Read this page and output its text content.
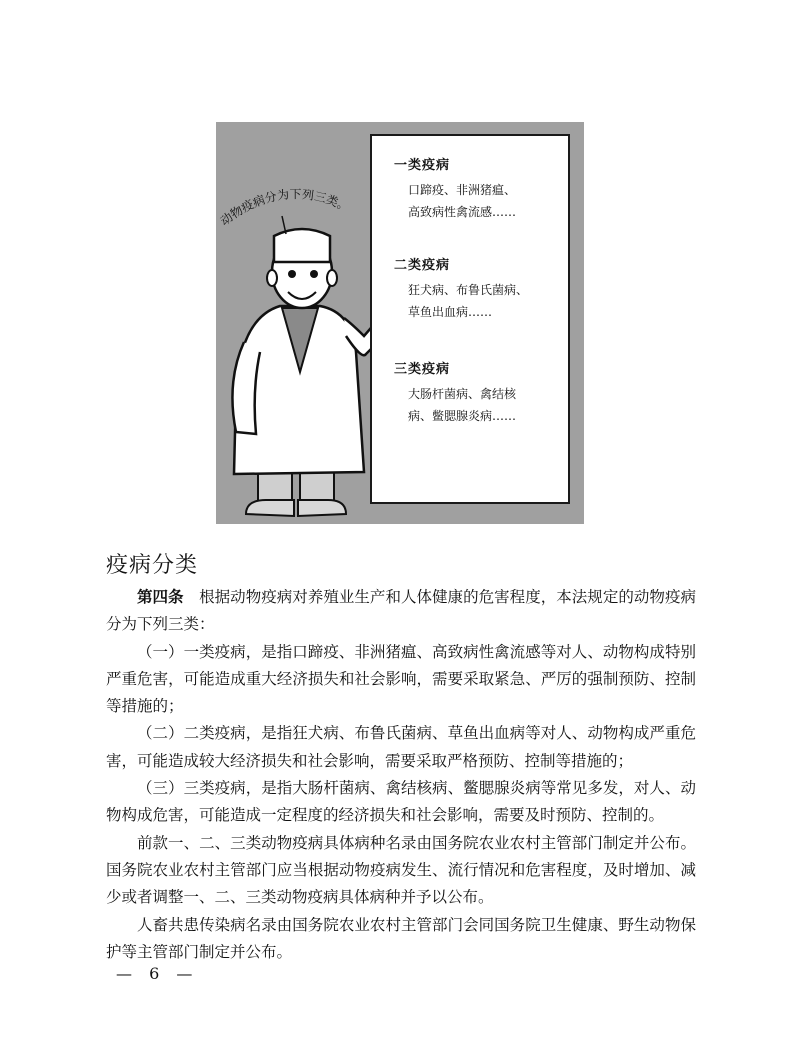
动物疫病分为下列三类。
一类疫病
口蹄疫、非洲猪瘟、
高致病性禽流感……
二类疫病
狂犬病、布鲁氏菌病、
草鱼出血病……
三类疫病
大肠杆菌病、禽结核
病、鳖腮腺炎病……
疫病分类

第四条　 根据动物疫病对养殖业生产和人体健康的危害程度，本法规定的动物疫病分为下列三类：

（一）一类疫病，是指口蹄疫、非洲猪瘟、高致病性禽流感等对人、动物构成特别严重危害，可能造成重大经济损失和社会影响，需要采取紧急、严厉的强制预防、控制等措施的；

（二）二类疫病，是指狂犬病、布鲁氏菌病、草鱼出血病等对人、动物构成严重危害，可能造成较大经济损失和社会影响，需要采取严格预防、控制等措施的；

（三）三类疫病，是指大肠杆菌病、禽结核病、鳖腮腺炎病等常见多发，对人、动物构成危害，可能造成一定程度的经济损失和社会影响，需要及时预防、控制的。

前款一、二、三类动物疫病具体病种名录由国务院农业农村主管部门制定并公布。国务院农业农村主管部门应当根据动物疫病发生、流行情况和危害程度，及时增加、减少或者调整一、二、三类动物疫病具体病种并予以公布。

人畜共患传染病名录由国务院农业农村主管部门会同国务院卫生健康、野生动物保护等主管部门制定并公布。

— 6 —
